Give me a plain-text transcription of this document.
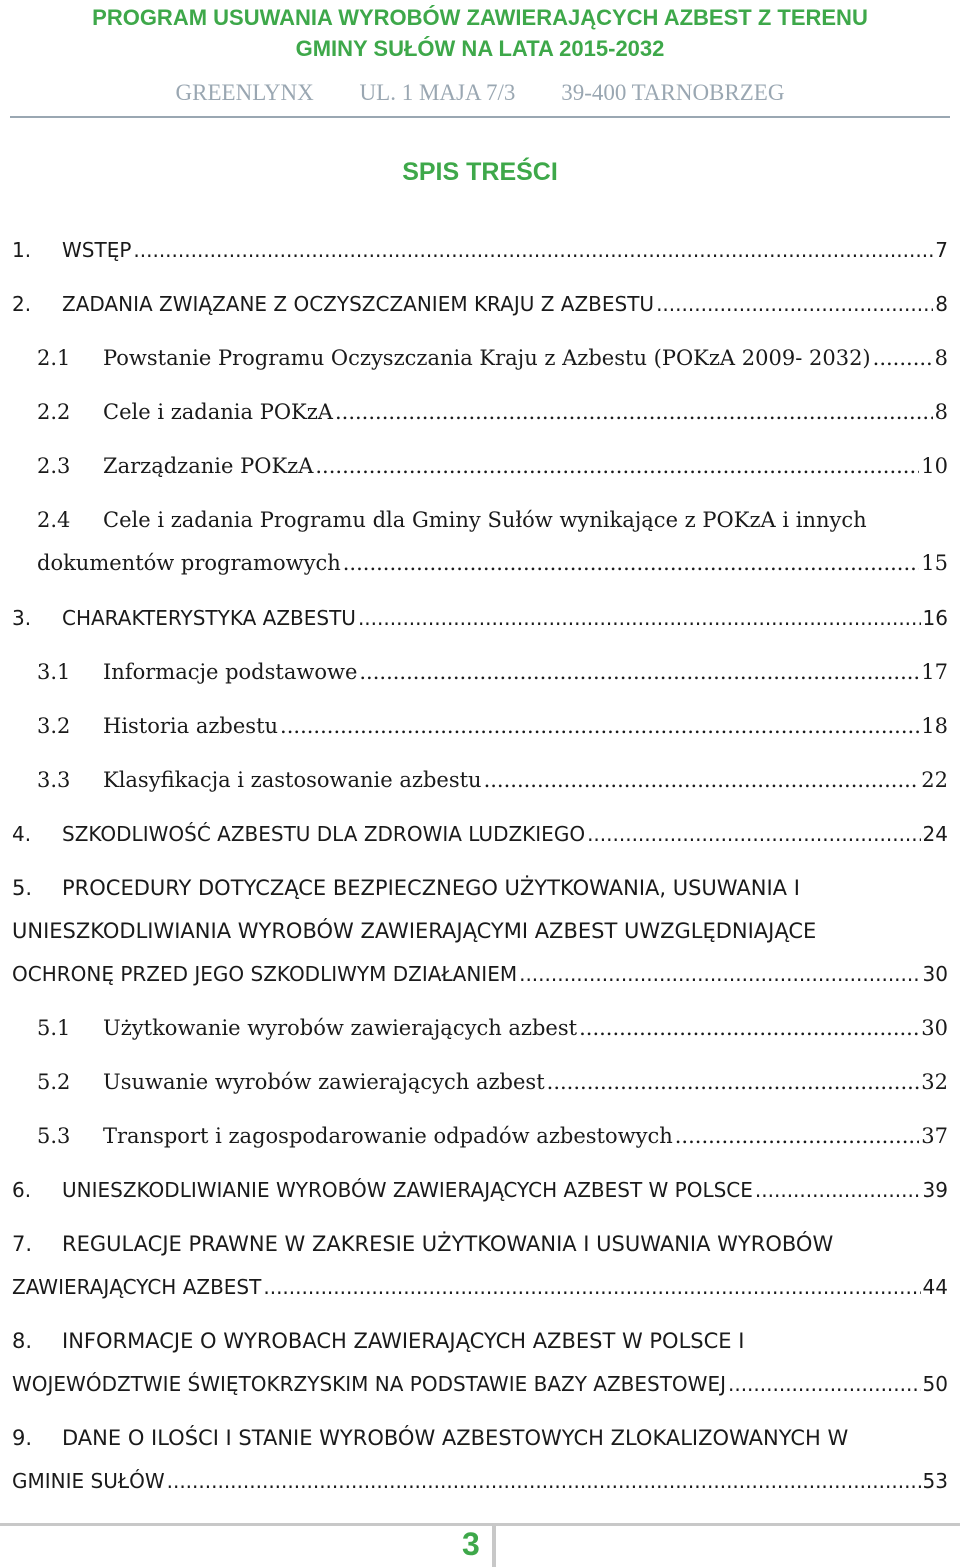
PROGRAM USUWANIA WYROBÓW ZAWIERAJĄCYCH AZBEST Z TERENU
GMINY SUŁÓW NA LATA 2015-2032
GREENLYNX UL. 1 MAJA 7/3 39-400 TARNOBRZEG
SPIS TREŚCI
1.	WSTĘP .....	7
2.	ZADANIA ZWIĄZANE Z OCZYSZCZANIEM KRAJU Z AZBESTU .....	8
2.1	Powstanie Programu Oczyszczania Kraju z Azbestu (POKzA 2009- 2032) .....	8
2.2	Cele i zadania POKzA .....	8
2.3	Zarządzanie POKzA .....	10
2.4 Cele i zadania Programu dla Gminy Sułów wynikające z POKzA i innych
dokumentów programowych .....	15
3.	CHARAKTERYSTYKA AZBESTU .....	16
3.1	Informacje podstawowe .....	17
3.2	Historia azbestu .....	18
3.3	Klasyfikacja i zastosowanie azbestu .....	22
4.	SZKODLIWOŚĆ AZBESTU DLA ZDROWIA LUDZKIEGO .....	24
5. PROCEDURY DOTYCZĄCE BEZPIECZNEGO UŻYTKOWANIA, USUWANIA I
UNIESZKODLIWIANIA WYROBÓW ZAWIERAJĄCYMI AZBEST UWZGLĘDNIAJĄCE
OCHRONĘ PRZED JEGO SZKODLIWYM DZIAŁANIEM .....	30
5.1	Użytkowanie wyrobów zawierających azbest .....	30
5.2	Usuwanie wyrobów zawierających azbest .....	32
5.3	Transport i zagospodarowanie odpadów azbestowych .....	37
6.	UNIESZKODLIWIANIE WYROBÓW ZAWIERAJĄCYCH AZBEST W POLSCE .....	39
7. REGULACJE PRAWNE W ZAKRESIE UŻYTKOWANIA I USUWANIA WYROBÓW
ZAWIERAJĄCYCH AZBEST .....	44
8. INFORMACJE O WYROBACH ZAWIERAJĄCYCH AZBEST W POLSCE I
WOJEWÓDZTWIE ŚWIĘTOKRZYSKIM NA PODSTAWIE BAZY AZBESTOWEJ .....	50
9. DANE O ILOŚCI I STANIE WYROBÓW AZBESTOWYCH ZLOKALIZOWANYCH W
GMINIE SUŁÓW .....	53
3
